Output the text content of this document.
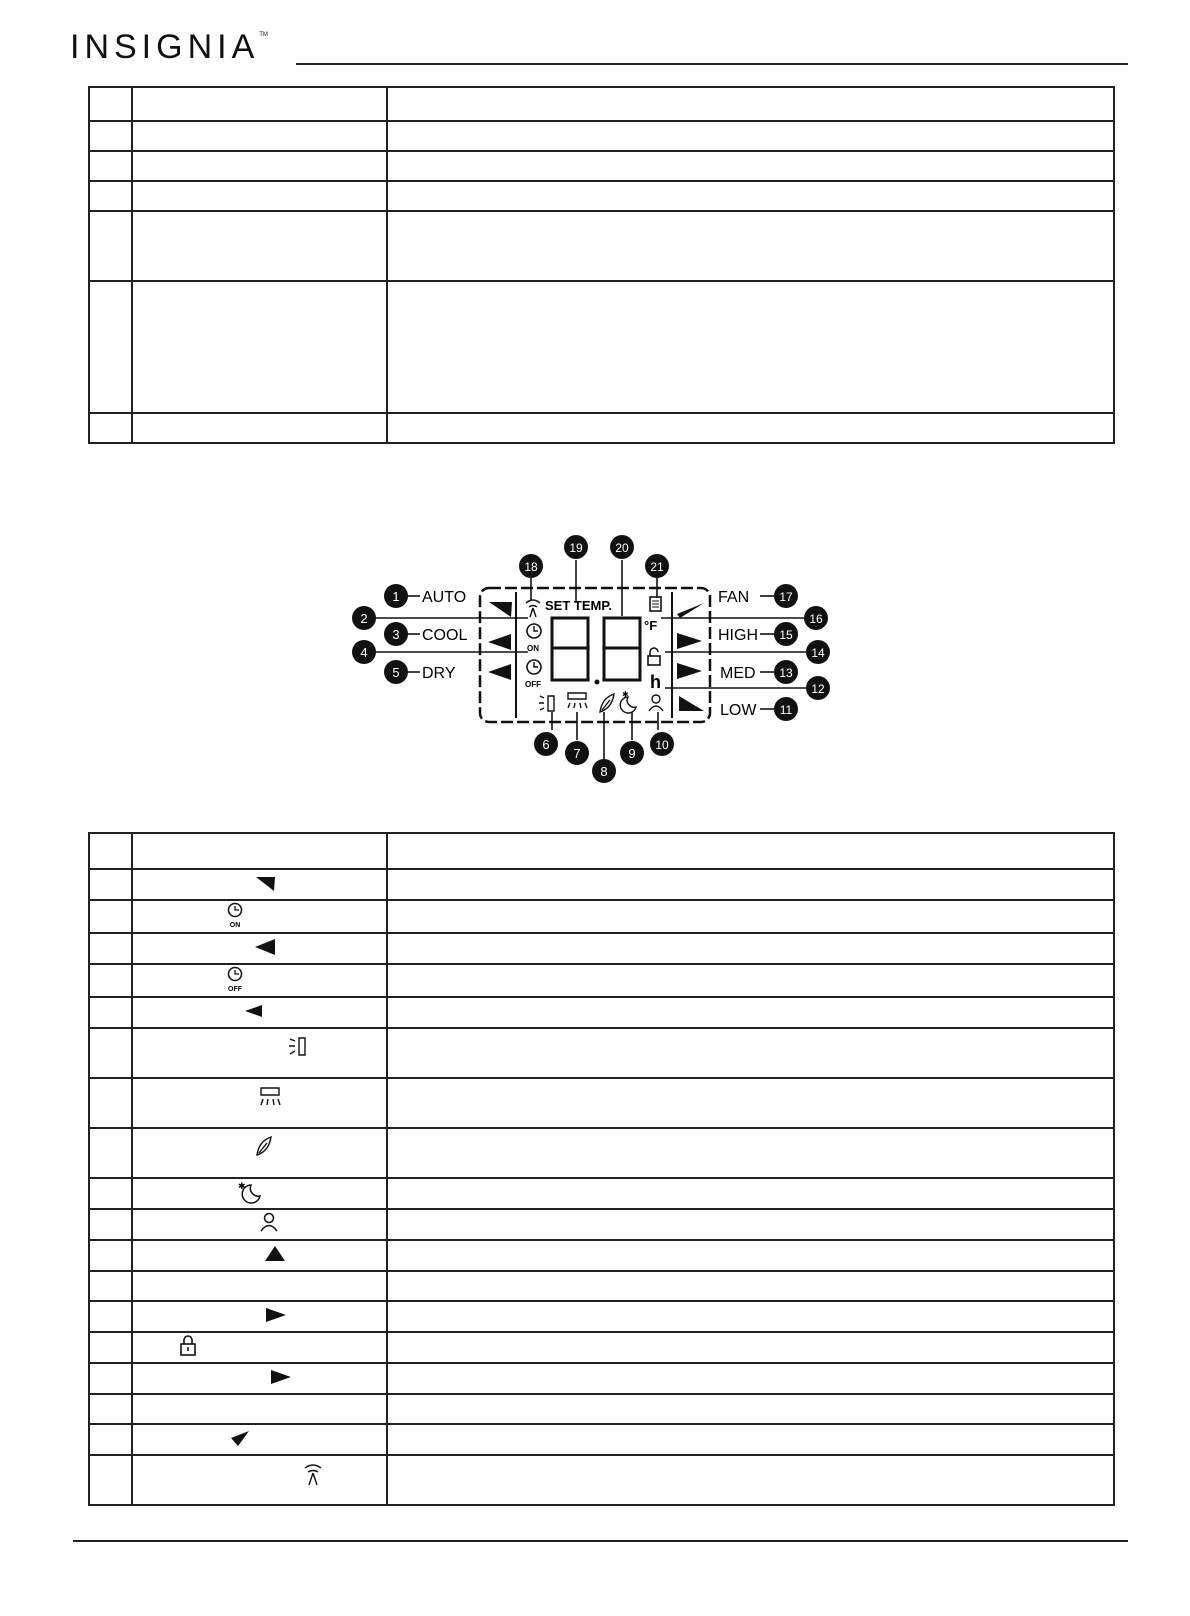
INSIGNIA™

SET TEMP.
°F
h
ON
OFF
✱
1 AUTO
2
3 COOL
4
5 DRY
FAN	17
16
HIGH 15
14
MED 13
12
LOW 11
18
19	20
21
6
7
8
9
10

ON	

OFF	

✱	
